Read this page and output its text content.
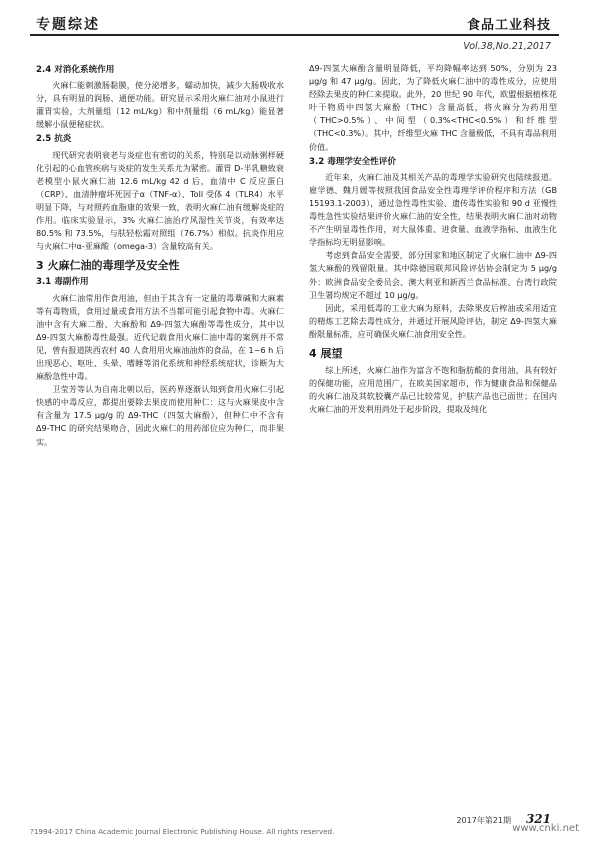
专题综述	食品工业科技
Vol.38,No.21,2017
2.4 对消化系统作用

火麻仁能刺激肠黏膜，使分泌增多，蠕动加快，减少大肠吸收水分，具有明显的润肠、通便功能。研究显示采用火麻仁油对小鼠进行灌胃实验，大剂量组（12 mL/kg）和中剂量组（6 mL/kg）能显著缓解小鼠便秘症状。

2.5 抗炎

现代研究表明衰老与炎症也有密切的关系，特别是以动脉粥样硬化引起的心血管疾病与炎症的发生关系尤为紧密。灌胃 D-半乳糖致衰老模型小鼠火麻仁油 12.6 mL/kg 42 d 后，血清中 C 反应蛋白（CRP）、血清肿瘤坏死因子α（TNF-α）、Toll 受体 4（TLR4）水平明显下降，与对照药血脂康的效果一致，表明火麻仁油有缓解炎症的作用。临床实验显示，3% 火麻仁油治疗风湿性关节炎，有效率达 80.5% 和 73.5%，与肤轻松霜对照组（76.7%）相似。抗炎作用应与火麻仁中α-亚麻酸（omega-3）含量较高有关。

3 火麻仁油的毒理学及安全性
3.1 毒副作用

火麻仁油常用作食用油，但由于其含有一定量的毒蕈碱和大麻素等有毒物质，食用过量或食用方法不当都可能引起食物中毒。火麻仁油中含有大麻二酚、大麻酚和 Δ9-四氢大麻酚等毒性成分，其中以 Δ9-四氢大麻酚毒性最强。近代记载食用火麻仁油中毒的案例并不常见，曾有报道陕西农村 40 人食用用火麻油油炸的食品，在 1~6 h 后出现恶心、呕吐、头晕、嗜睡等消化系统和神经系统症状，诊断为大麻酚急性中毒。

卫莹芳等认为自南北朝以后，医药界逐渐认知到食用火麻仁引起快感的中毒反应，都提出要除去果皮而使用种仁：这与火麻果皮中含有含量为 17.5 μg/g 的 Δ9-THC（四氢大麻酚），但种仁中不含有 Δ9-THC 的研究结果吻合，因此火麻仁的用药部位应为种仁，而非果实。

Δ9-四氢大麻酚含量明显降低，平均降幅率达到 50%，分别为 23 μg/g 和 47 μg/g。因此，为了降低火麻仁油中的毒性成分，应使用经除去果皮的种仁来提取。此外，20 世纪 90 年代，欧盟根据植株花叶干物质中四氢大麻酚（THC）含量高低，将火麻分为药用型（THC>0.5%）、中间型（0.3%<THC<0.5%）和纤维型（THC<0.3%）。其中，纤维型火麻 THC 含量极低，不具有毒品利用价值。

3.2 毒理学安全性评价

近年来，火麻仁油及其相关产品的毒理学实验研究也陆续报道。雇学德、魏月媛等按照我国食品安全性毒理学评价程序和方法（GB 15193.1-2003），通过急性毒性实验、遗传毒性实验和 90 d 亚慢性毒性急性实验结果评价火麻仁油的安全性，结果表明火麻仁油对动物不产生明显毒性作用，对大鼠体重、进食量、血液学指标、血液生化学指标均无明显影响。

考虑到食品安全需要，部分国家和地区制定了火麻仁油中 Δ9-四氢大麻酚的残留限量。其中除德国联邦风险评估协会制定为 5 μg/g 外：欧洲食品安全委员会、澳大利亚和新西兰食品标准、台湾行政院卫生署均规定不超过 10 μg/g。

因此，采用低毒的工业大麻为原料，去除果皮后榨油或采用适宜的精炼工艺除去毒性成分，并通过开展风险评估，制定 Δ9-四氢大麻酚限量标准，应可确保火麻仁油食用安全性。

4 展望

综上所述，火麻仁油作为富含不饱和脂肪酸的食用油，具有较好的保健功能，应用范围广，在欧美国家超市，作为健康食品和保健品的火麻仁油及其软胶囊产品已比较常见，护肤产品也已面世；在国内火麻仁油的开发利用尚处于起步阶段，提取及纯化

2017年第21期 321
?1994-2017 China Academic Journal Electronic Publishing House. All rights reserved.	www.cnki.net
